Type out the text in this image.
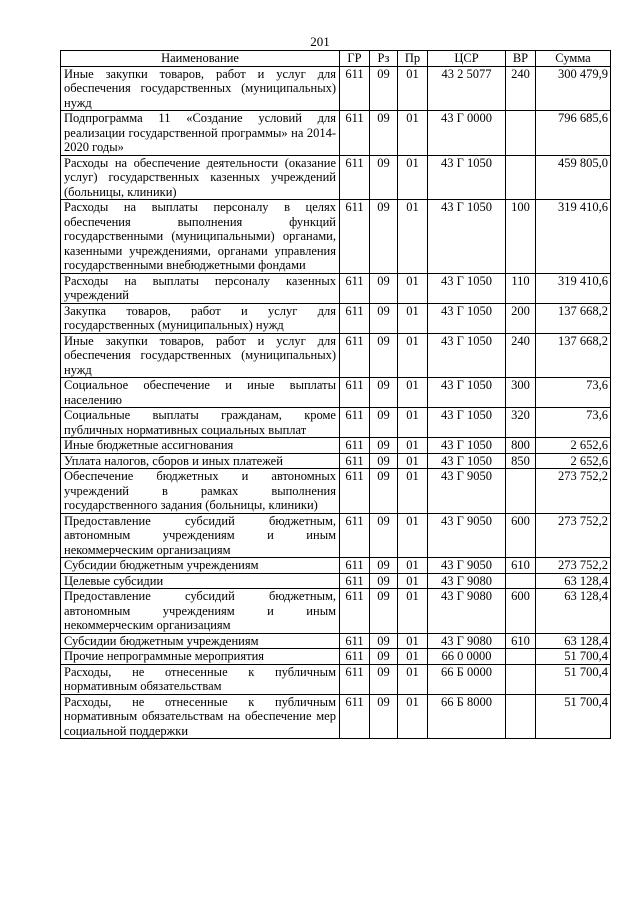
201
Наименование	ГР	Рз	Пр	ЦСР	ВР	Сумма
Иные закупки товаров, работ и услуг для обеспечения государственных (муниципальных) нужд	611	09	01	43 2 5077	240	300 479,9
Подпрограмма 11 «Создание условий для реализации государственной программы» на 2014-2020 годы»	611	09	01	43 Г 0000		796 685,6
Расходы на обеспечение деятельности (оказание услуг) государственных казенных учреждений (больницы, клиники)	611	09	01	43 Г 1050		459 805,0
Расходы на выплаты персоналу в целях обеспечения выполнения функций государственными (муниципальными) органами, казенными учреждениями, органами управления государственными внебюджетными фондами	611	09	01	43 Г 1050	100	319 410,6
Расходы на выплаты персоналу казенных учреждений	611	09	01	43 Г 1050	110	319 410,6
Закупка товаров, работ и услуг для государственных (муниципальных) нужд	611	09	01	43 Г 1050	200	137 668,2
Иные закупки товаров, работ и услуг для обеспечения государственных (муниципальных) нужд	611	09	01	43 Г 1050	240	137 668,2
Социальное обеспечение и иные выплаты населению	611	09	01	43 Г 1050	300	73,6
Социальные выплаты гражданам, кроме публичных нормативных социальных выплат	611	09	01	43 Г 1050	320	73,6
Иные бюджетные ассигнования	611	09	01	43 Г 1050	800	2 652,6
Уплата налогов, сборов и иных платежей	611	09	01	43 Г 1050	850	2 652,6
Обеспечение бюджетных и автономных учреждений в рамках выполнения государственного задания (больницы, клиники)	611	09	01	43 Г 9050		273 752,2
Предоставление субсидий бюджетным, автономным учреждениям и иным некоммерческим организациям	611	09	01	43 Г 9050	600	273 752,2
Субсидии бюджетным учреждениям	611	09	01	43 Г 9050	610	273 752,2
Целевые субсидии	611	09	01	43 Г 9080		63 128,4
Предоставление субсидий бюджетным, автономным учреждениям и иным некоммерческим организациям	611	09	01	43 Г 9080	600	63 128,4
Субсидии бюджетным учреждениям	611	09	01	43 Г 9080	610	63 128,4
Прочие непрограммные мероприятия	611	09	01	66 0 0000		51 700,4
Расходы, не отнесенные к публичным нормативным обязательствам	611	09	01	66 Б 0000		51 700,4
Расходы, не отнесенные к публичным нормативным обязательствам на обеспечение мер социальной поддержки	611	09	01	66 Б 8000		51 700,4
